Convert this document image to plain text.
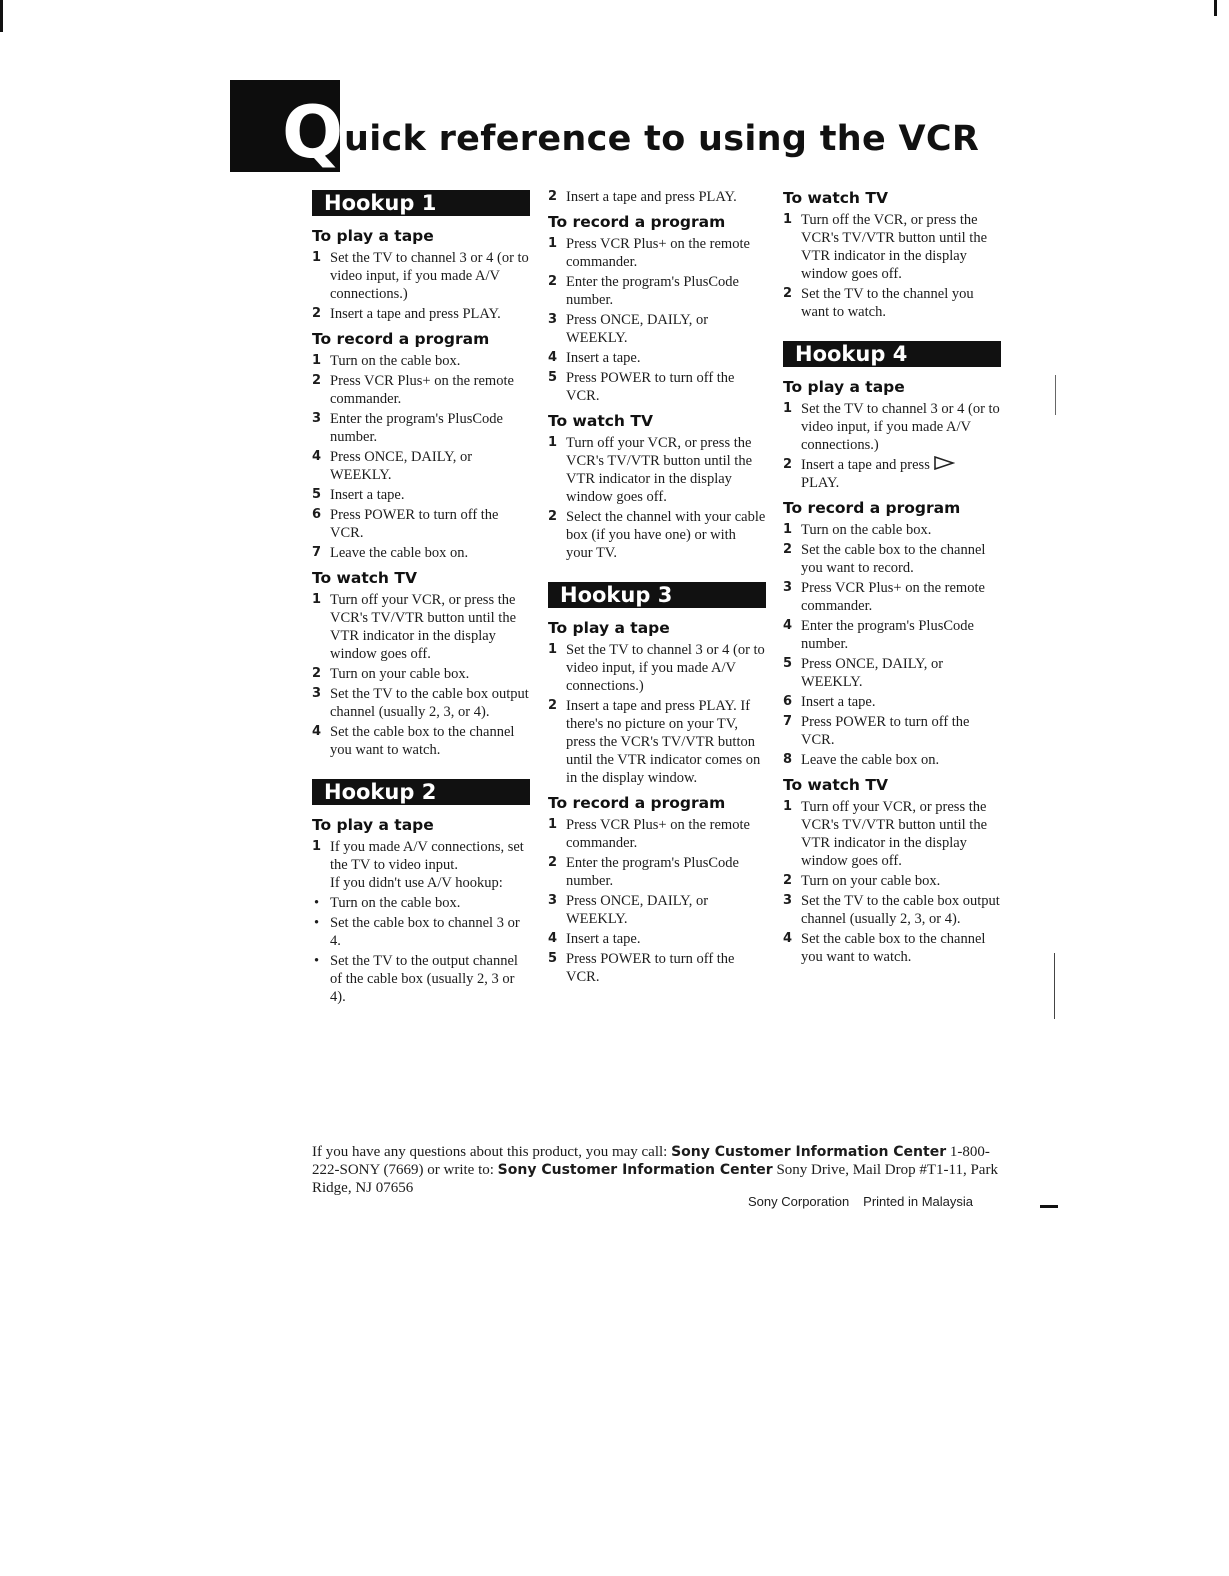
Q uick reference to using the VCR
Hookup 1
To play a tape
1 Set the TV to channel 3 or 4 (or to video input, if you made A/V connections.)
2 Insert a tape and press PLAY.
To record a program
1 Turn on the cable box.
2 Press VCR Plus+ on the remote commander.
3 Enter the program's PlusCode number.
4 Press ONCE, DAILY, or WEEKLY.
5 Insert a tape.
6 Press POWER to turn off the VCR.
7 Leave the cable box on.
To watch TV
1 Turn off your VCR, or press the VCR's TV/VTR button until the VTR indicator in the display window goes off.
2 Turn on your cable box.
3 Set the TV to the cable box output channel (usually 2, 3, or 4).
4 Set the cable box to the channel you want to watch.
Hookup 2
To play a tape
1 If you made A/V connections, set the TV to video input.
If you didn't use A/V hookup:
• Turn on the cable box.
• Set the cable box to channel 3 or 4.
• Set the TV to the output channel of the cable box (usually 2, 3 or 4).
2 Insert a tape and press PLAY.
To record a program
1 Press VCR Plus+ on the remote commander.
2 Enter the program's PlusCode number.
3 Press ONCE, DAILY, or WEEKLY.
4 Insert a tape.
5 Press POWER to turn off the VCR.
To watch TV
1 Turn off your VCR, or press the VCR's TV/VTR button until the VTR indicator in the display window goes off.
2 Select the channel with your cable box (if you have one) or with your TV.
Hookup 3
To play a tape
1 Set the TV to channel 3 or 4 (or to video input, if you made A/V connections.)
2 Insert a tape and press PLAY. If there's no picture on your TV, press the VCR's TV/VTR button until the VTR indicator comes on in the display window.
To record a program
1 Press VCR Plus+ on the remote commander.
2 Enter the program's PlusCode number.
3 Press ONCE, DAILY, or WEEKLY.
4 Insert a tape.
5 Press POWER to turn off the VCR.
To watch TV
1 Turn off the VCR, or press the VCR's TV/VTR button until the VTR indicator in the display window goes off.
2 Set the TV to the channel you want to watch.
Hookup 4
To play a tape
1 Set the TV to channel 3 or 4 (or to video input, if you made A/V connections.)
2 Insert a tape and press
PLAY.
To record a program
1 Turn on the cable box.
2 Set the cable box to the channel you want to record.
3 Press VCR Plus+ on the remote commander.
4 Enter the program's PlusCode number.
5 Press ONCE, DAILY, or WEEKLY.
6 Insert a tape.
7 Press POWER to turn off the VCR.
8 Leave the cable box on.
To watch TV
1 Turn off your VCR, or press the VCR's TV/VTR button until the VTR indicator in the display window goes off.
2 Turn on your cable box.
3 Set the TV to the cable box output channel (usually 2, 3, or 4).
4 Set the cable box to the channel you want to watch.
If you have any questions about this product, you may call: Sony Customer Information Center 1-800-222-SONY (7669) or write to: Sony Customer Information Center Sony Drive, Mail Drop #T1-11, Park Ridge, NJ 07656
Sony Corporation Printed in Malaysia
